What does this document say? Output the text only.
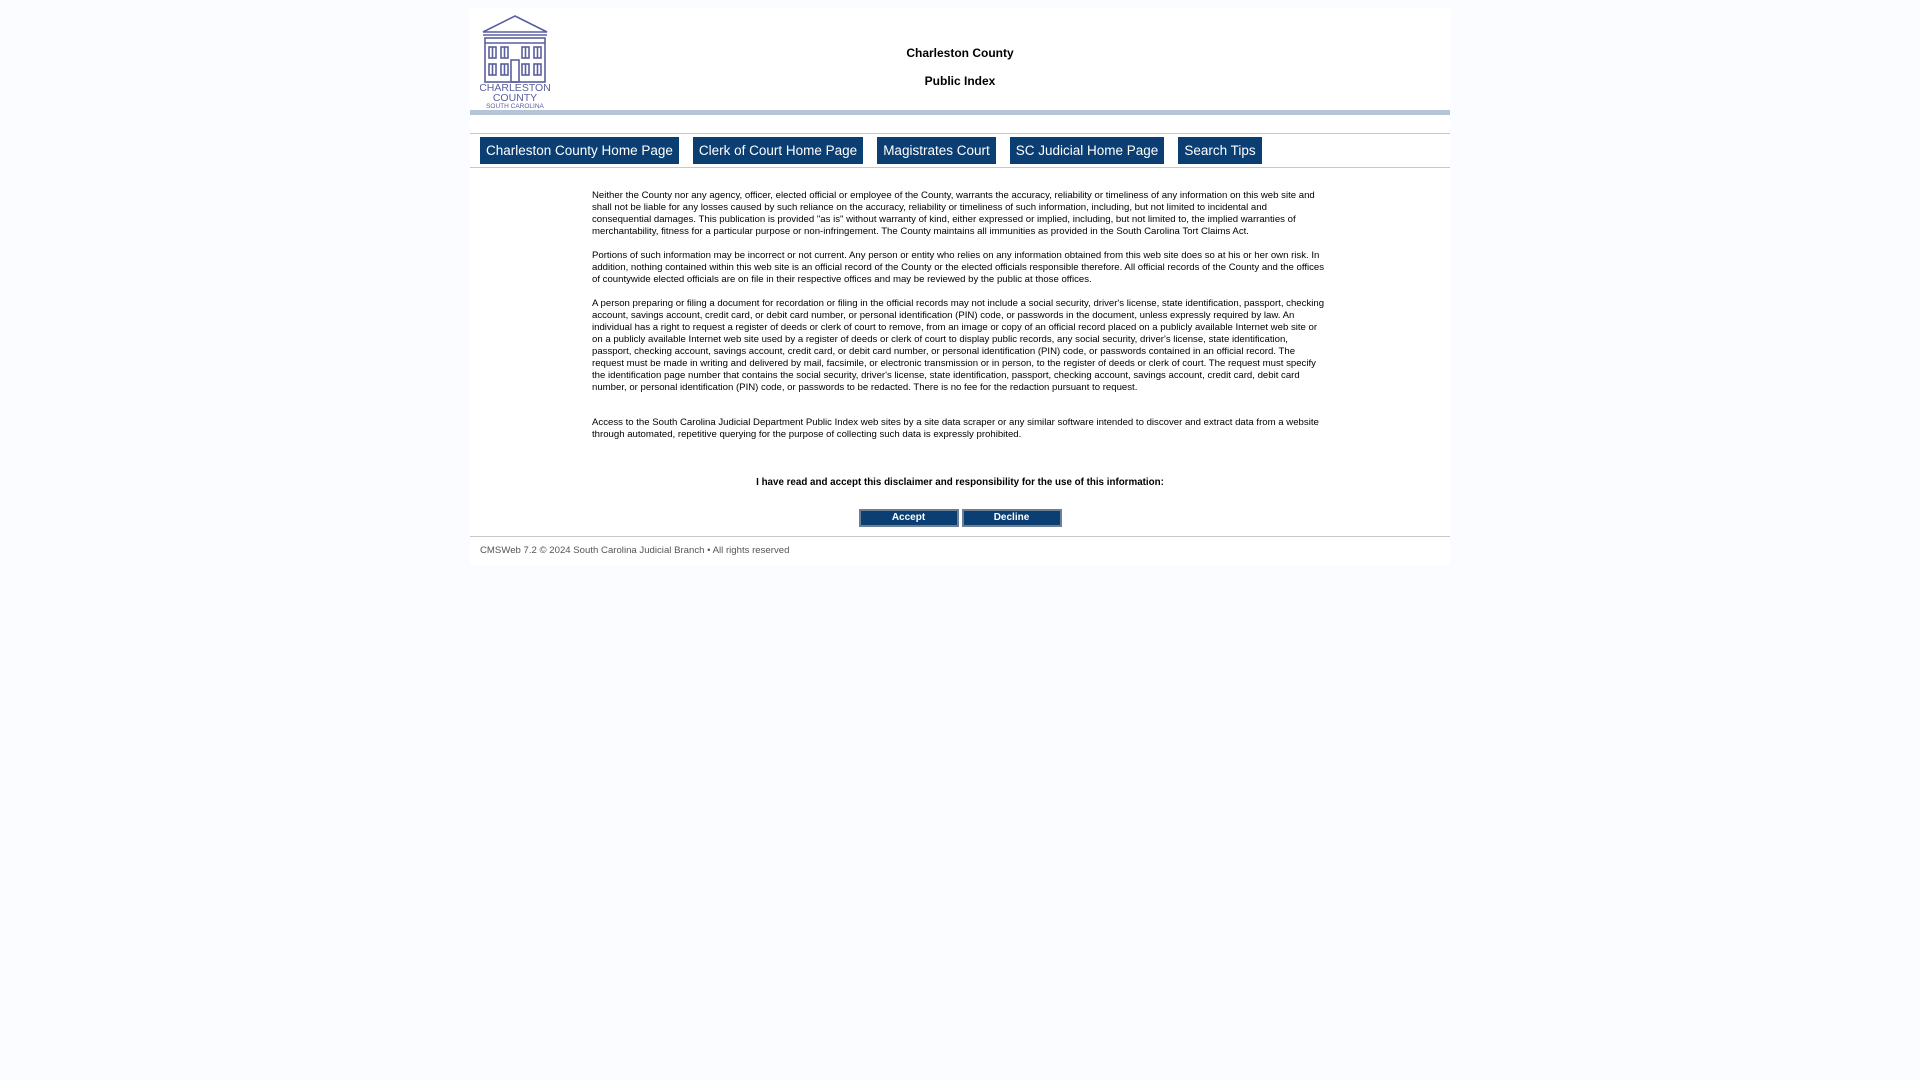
CHARLESTON
COUNTY
SOUTH CAROLINA
Charleston County
Public Index
Charleston County Home Page	Clerk of Court Home Page	Magistrates Court	SC Judicial Home Page	Search Tips

Neither the County nor any agency, officer, elected official or employee of the County, warrants the accuracy, reliability or timeliness of any information on this web site and shall not be liable for any losses caused by such reliance on the accuracy, reliability or timeliness of such information, including, but not limited to incidental and consequential damages. This publication is provided "as is" without warranty of kind, either expressed or implied, including, but not limited to, the implied warranties of merchantability, fitness for a particular purpose or non-infringement. The County maintains all immunities as provided in the South Carolina Tort Claims Act.

Portions of such information may be incorrect or not current. Any person or entity who relies on any information obtained from this web site does so at his or her own risk. In addition, nothing contained within this web site is an official record of the County or the elected officials responsible therefore. All official records of the County and the offices of countywide elected officials are on file in their respective offices and may be reviewed by the public at those offices.

A person preparing or filing a document for recordation or filing in the official records may not include a social security, driver's license, state identification, passport, checking account, savings account, credit card, or debit card number, or personal identification (PIN) code, or passwords in the document, unless expressly required by law. An individual has a right to request a register of deeds or clerk of court to remove, from an image or copy of an official record placed on a publicly available Internet web site or on a publicly available Internet web site used by a register of deeds or clerk of court to display public records, any social security, driver's license, state identification, passport, checking account, savings account, credit card, or debit card number, or personal identification (PIN) code, or passwords contained in an official record. The request must be made in writing and delivered by mail, facsimile, or electronic transmission or in person, to the register of deeds or clerk of court. The request must specify the identification page number that contains the social security, driver's license, state identification, passport, checking account, savings account, credit card, debit card number, or personal identification (PIN) code, or passwords to be redacted. There is no fee for the redaction pursuant to request.

Access to the South Carolina Judicial Department Public Index web sites by a site data scraper or any similar software intended to discover and extract data from a website through automated, repetitive querying for the purpose of collecting such data is expressly prohibited.

I have read and accept this disclaimer and responsibility for the use of this information:
Accept	Decline
CMSWeb 7.2 © 2024 South Carolina Judicial Branch • All rights reserved
